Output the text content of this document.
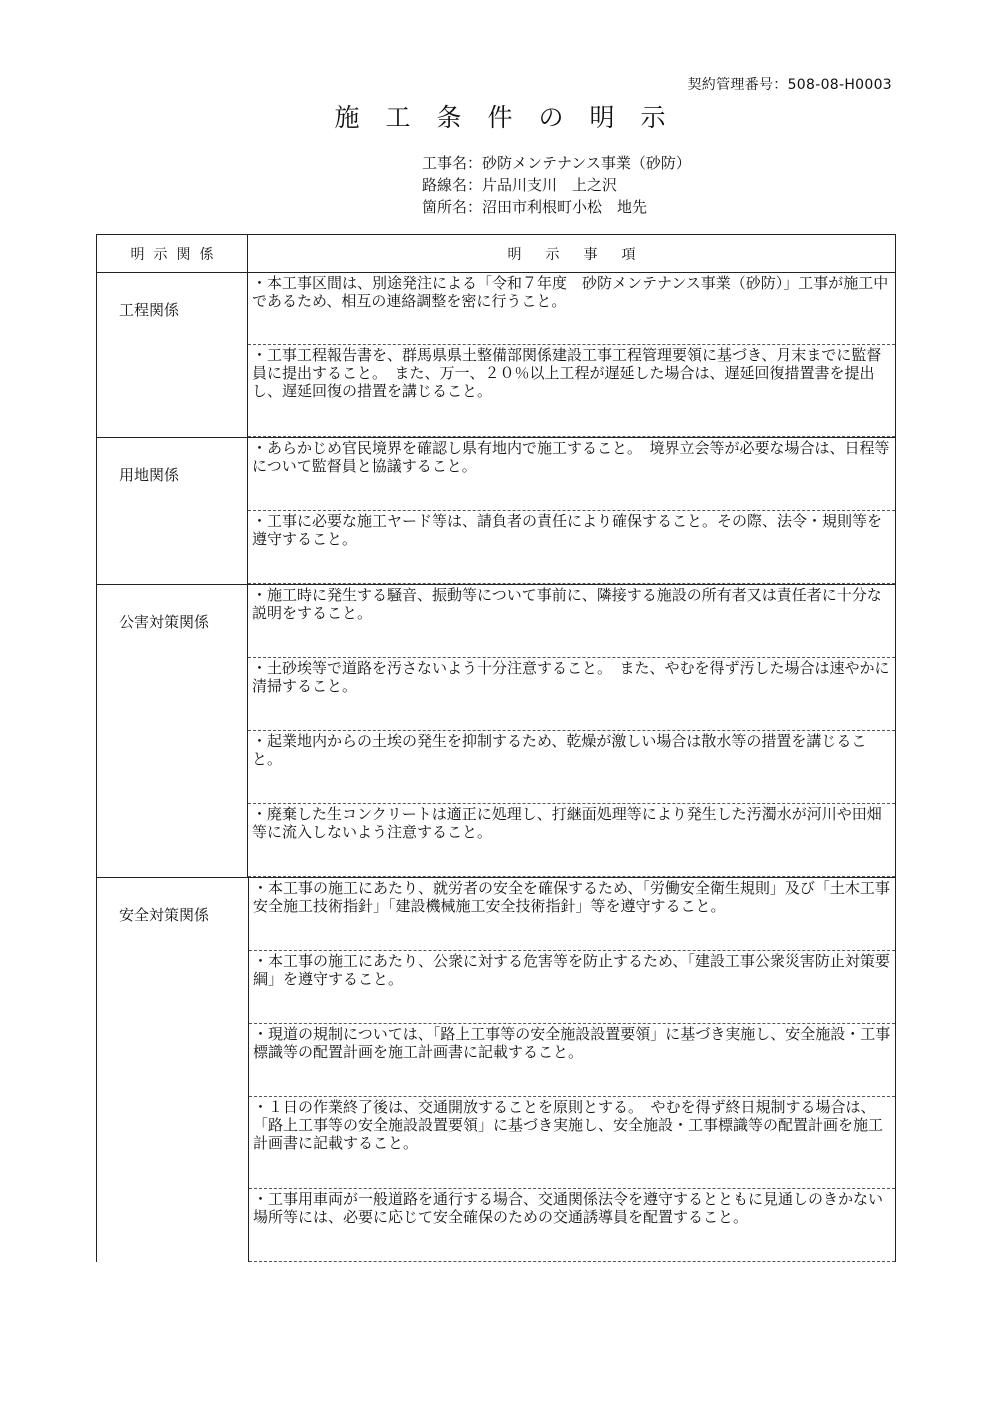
契約管理番号：508-08-H0003
施工条件の明示
工事名：砂防メンテナンス事業（砂防）
路線名：片品川支川　上之沢
箇所名：沼田市利根町小松　地先
明示関係	明示事項
工程関係
・本工事区間は、別途発注による「令和７年度　砂防メンテナンス事業（砂防）」工事が施工中であるため、相互の連絡調整を密に行うこと。
・工事工程報告書を、群馬県県土整備部関係建設工事工程管理要領に基づき、月末までに監督員に提出すること。　また、万一、２０％以上工程が遅延した場合は、遅延回復措置書を提出し、遅延回復の措置を講じること。
用地関係
・あらかじめ官民境界を確認し県有地内で施工すること。　境界立会等が必要な場合は、日程等について監督員と協議すること。
・工事に必要な施工ヤード等は、請負者の責任により確保すること。その際、法令・規則等を遵守すること。
公害対策関係
・施工時に発生する騒音、振動等について事前に、隣接する施設の所有者又は責任者に十分な説明をすること。
・土砂埃等で道路を汚さないよう十分注意すること。　また、やむを得ず汚した場合は速やかに清掃すること。
・起業地内からの土埃の発生を抑制するため、乾燥が激しい場合は散水等の措置を講じること。
・廃棄した生コンクリートは適正に処理し、打継面処理等により発生した汚濁水が河川や田畑等に流入しないよう注意すること。
安全対策関係
・本工事の施工にあたり、就労者の安全を確保するため、「労働安全衛生規則」及び「土木工事安全施工技術指針」「建設機械施工安全技術指針」等を遵守すること。
・本工事の施工にあたり、公衆に対する危害等を防止するため、「建設工事公衆災害防止対策要綱」を遵守すること。
・現道の規制については、「路上工事等の安全施設設置要領」に基づき実施し、安全施設・工事標識等の配置計画を施工計画書に記載すること。
・１日の作業終了後は、交通開放することを原則とする。　やむを得ず終日規制する場合は、「路上工事等の安全施設設置要領」に基づき実施し、安全施設・工事標識等の配置計画を施工計画書に記載すること。
・工事用車両が一般道路を通行する場合、交通関係法令を遵守するとともに見通しのきかない場所等には、必要に応じて安全確保のための交通誘導員を配置すること。
